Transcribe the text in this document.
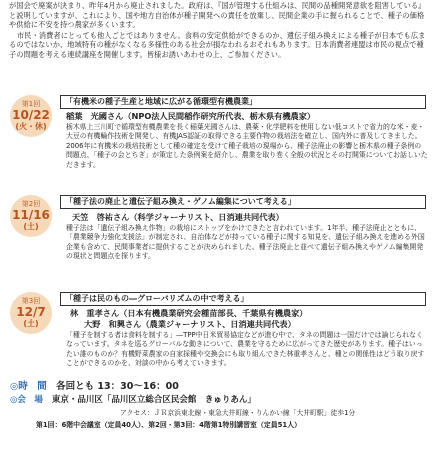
が国会で廃案が決まり、昨年4月から廃止されました。政府は、『国が管理する仕組みは、民間の品種開発意欲を阻害している』と説明していますが、これにより、国や地方自治体が種子開発への責任を放棄し、民間企業の手に握られることで、種子の価格や供給に不安を持つ農家が多くいます。

市民・消費者にとっても他人ごとではありません。食料の安定供給ができるのか、遺伝子組み換えによる種子が日本でも広まるのではないか、地域特有の種がなくなる多様性のある社会が損なわれるおそれもあります。日本消費者連盟は市民の視点で種子の問題を考える連続講座を開催します。皆様お誘いあわせの上、ご参加ください。

第1回
10/22
(火・休)
「有機米の種子生産と地域に広がる循環型有機農業」
稲葉　光國さん（NPO法人民間稲作研究所代表、栃木県有機農家）

栃木県上三川町で循環型有機農業を長く稲葉光國さんは、農薬・化学肥料を使用しない低コストで省力的な米・麦・大豆の有機輪作技術を開発し、有機JAS認証の取得できる主要作物の栽培法を確立し、国内外に普及してきました。2006年に有機米の栽培技術として種の確定を受けて種子栽培の現場から、種子法廃止の影響と栃木県の種子条例の問題点、「種子の会とちぎ」が策定した条例案を紹介し、農業を取り巻く全般の状況とその打開策についてお話しいただきます。

第2回
11/16
(土)
「種子法の廃止と遺伝子組み換え・ゲノム編集について考える」
天笠　啓祐さん（科学ジャーナリスト、日消連共同代表）

種子法は「遺伝子組み換え作物」の栽培にストップをかけてきたと言われています。1年半、種子法廃止とともに、「農業競争力強化支援法」が制定され、自治体などが持っている種子に関する知見を、遺伝子組み換えを進める外国企業も含めて、民間事業者に提供することが決められました。種子法廃止と並べて遺伝子組み換えやゲノム編集開発の現状と問題点を探ります。

第3回
12/7
(土)
「種子は民のもの―グローバリズムの中で考える」
林　重孝さん（日本有機農業研究会種苗部長、千葉県有機農家）
大野　和興さん（農業ジャーナリスト、日消連共同代表）

「種子を制する者は食料を制する」―TPP中日米貿易協定などが進む中で、タネの問題は一国だけでは論じられなくなっています。タネを巡るグローバルな動きについて、農業を守るために広がってきた歴史があります。種子はいったい誰のものか？有機野菜農家の自家採種や交換会にも取り組んできた林重孝さんと、種との関係性はどう取り戻すことができるのかを、対談の中から考えていきます。

◎時　間 各回とも 13：30～16：00
◎会　場 東京・品川区「品川区立総合区民会館　きゅりあん」
アクセス：ＪＲ京浜東北線・東急大井町線・りんかい線「大井町駅」徒歩1分
第1回：6階中会議室（定員40人）、第2回・第3回：4階第1特別講習室（定員51人）
